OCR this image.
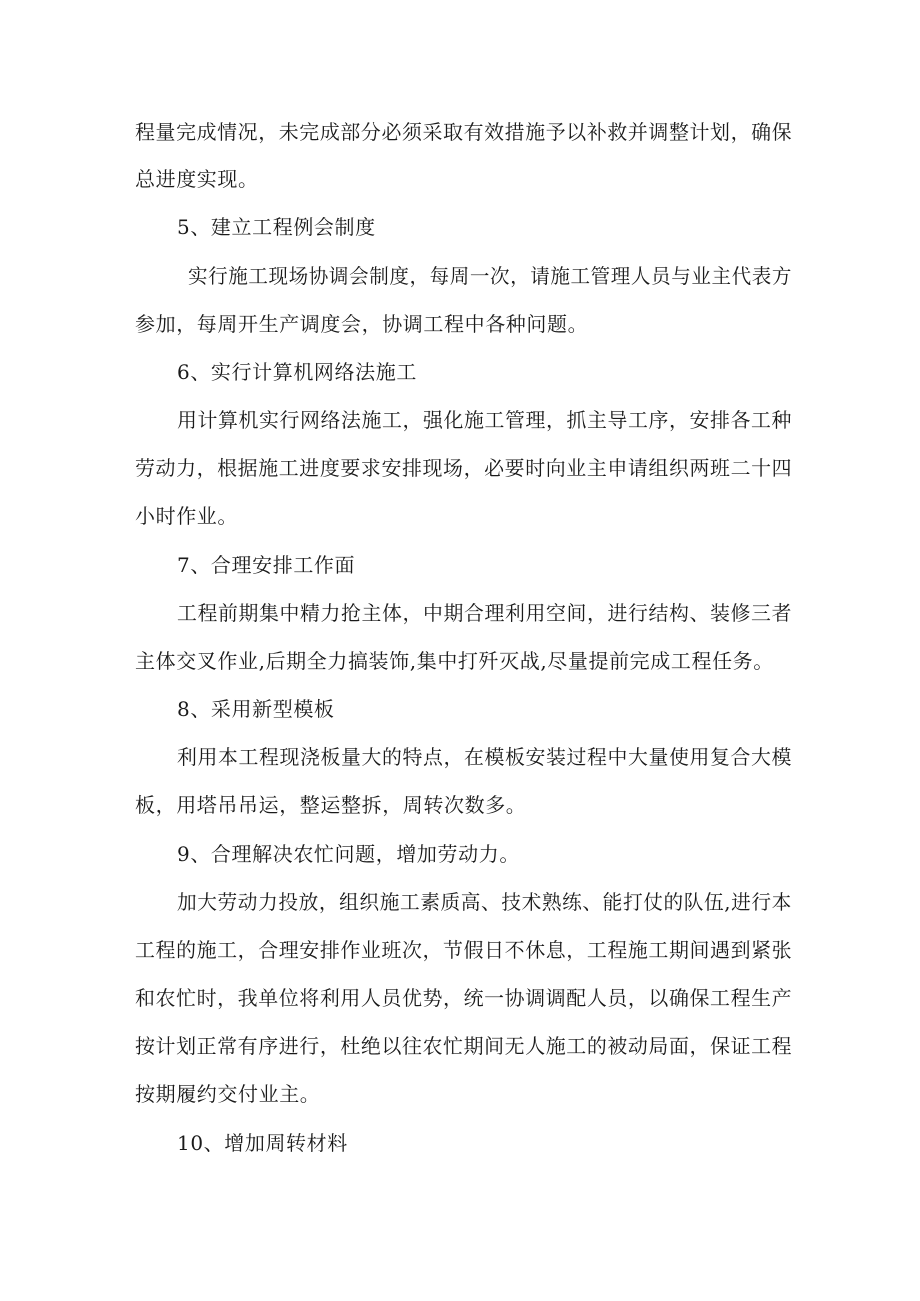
程量完成情况，未完成部分必须采取有效措施予以补救并调整计划，确保
总进度实现。
5、建立工程例会制度
实行施工现场协调会制度，每周一次，请施工管理人员与业主代表方
参加，每周开生产调度会，协调工程中各种问题。
6、实行计算机网络法施工
用计算机实行网络法施工，强化施工管理，抓主导工序，安排各工种
劳动力，根据施工进度要求安排现场，必要时向业主申请组织两班二十四
小时作业。
7、合理安排工作面
工程前期集中精力抢主体，中期合理利用空间，进行结构、装修三者
主体交叉作业,后期全力搞装饰,集中打歼灭战,尽量提前完成工程任务。
8、采用新型模板
利用本工程现浇板量大的特点，在模板安装过程中大量使用复合大模
板，用塔吊吊运，整运整拆，周转次数多。
9、合理解决农忙问题，增加劳动力。
加大劳动力投放，组织施工素质高、技术熟练、能打仗的队伍,进行本
工程的施工，合理安排作业班次，节假日不休息，工程施工期间遇到紧张
和农忙时，我单位将利用人员优势，统一协调调配人员，以确保工程生产
按计划正常有序进行，杜绝以往农忙期间无人施工的被动局面，保证工程
按期履约交付业主。
10、增加周转材料
